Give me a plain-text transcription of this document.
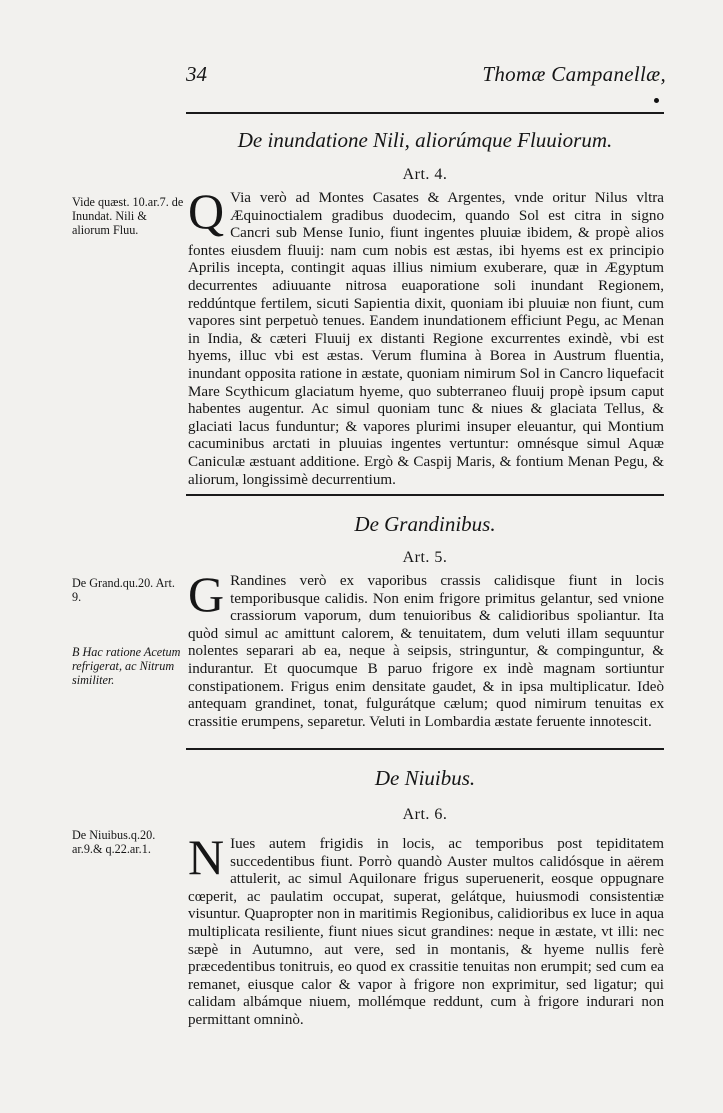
34	Thomæ Campanellæ,
De inundatione Nili, aliorúmque Fluuiorum.
Art. 4.
Vide quæst. 10.ar.7. de Inundat. Nili & aliorum Fluu. Q Via verò ad Montes Casates & Argentes, vnde oritur Nilus vltra Æquinoctialem gradibus duodecim, quando Sol est citra in signo Cancri sub Mense Iunio, fiunt ingentes pluuiæ ibidem, & propè alios fontes eiusdem fluuij: nam cum nobis est æstas, ibi hyems est ex principio Aprilis incepta, contingit aquas illius nimium exuberare, quæ in Ægyptum decurrentes adiuuante nitrosa euaporatione soli inundant Regionem, reddúntque fertilem, sicuti Sapientia dixit, quoniam ibi pluuiæ non fiunt, cum vapores sint perpetuò tenues. Eandem inundationem efficiunt Pegu, ac Menan in India, & cæteri Fluuij ex distanti Regione excurrentes exindè, vbi est hyems, illuc vbi est æstas. Verum flumina à Borea in Austrum fluentia, inundant opposita ratione in æstate, quoniam nimirum Sol in Cancro liquefacit Mare Scythicum glaciatum hyeme, quo subterraneo fluuij propè ipsum caput habentes augentur. Ac simul quoniam tunc & niues & glaciata Tellus, & glaciati lacus funduntur; & vapores plurimi insuper eleuantur, qui Montium cacuminibus arctati in pluuias ingentes vertuntur: omnésque simul Aquæ Caniculæ æstuant additione. Ergò & Caspij Maris, & fontium Menan Pegu, & aliorum, longissimè decurrentium.
De Grandinibus.
Art. 5.
De Grand.qu.20. Art. 9.
B Hac ratione Acetum refrigerat, ac Nitrum similiter.
G Randines verò ex vaporibus crassis calidisque fiunt in locis temporibusque calidis. Non enim frigore primitus gelantur, sed vnione crassiorum vaporum, dum tenuioribus & calidioribus spoliantur. Ita quòd simul ac amittunt calorem, & tenuitatem, dum veluti illam sequuntur nolentes separari ab ea, neque à seipsis, stringuntur, & compinguntur, & indurantur. Et quocumque B paruo frigore ex indè magnam sortiuntur constipationem. Frigus enim densitate gaudet, & in ipsa multiplicatur. Ideò antequam grandinet, tonat, fulgurátque cælum; quod nimirum tenuitas ex crassitie erumpens, separetur. Veluti in Lombardia æstate feruente innotescit.
De Niuibus.
Art. 6.
De Niuibus.q.20. ar.9.& q.22.ar.1. N Iues autem frigidis in locis, ac temporibus post tepiditatem succedentibus fiunt. Porrò quandò Auster multos calidósque in aërem attulerit, ac simul Aquilonare frigus superuenerit, eosque oppugnare cœperit, ac paulatim occupat, superat, gelátque, huiusmodi consistentiæ visuntur. Quapropter non in maritimis Regionibus, calidioribus ex luce in aqua multiplicata resiliente, fiunt niues sicut grandines: neque in æstate, vt illi: nec sæpè in Autumno, aut vere, sed in montanis, & hyeme nullis ferè præcedentibus tonitruis, eo quod ex crassitie tenuitas non erumpit; sed cum ea remanet, eiusque calor & vapor à frigore non exprimitur, sed ligatur; qui calidam albámque niuem, mollémque reddunt, cum à frigore indurari non permittant omninò.
